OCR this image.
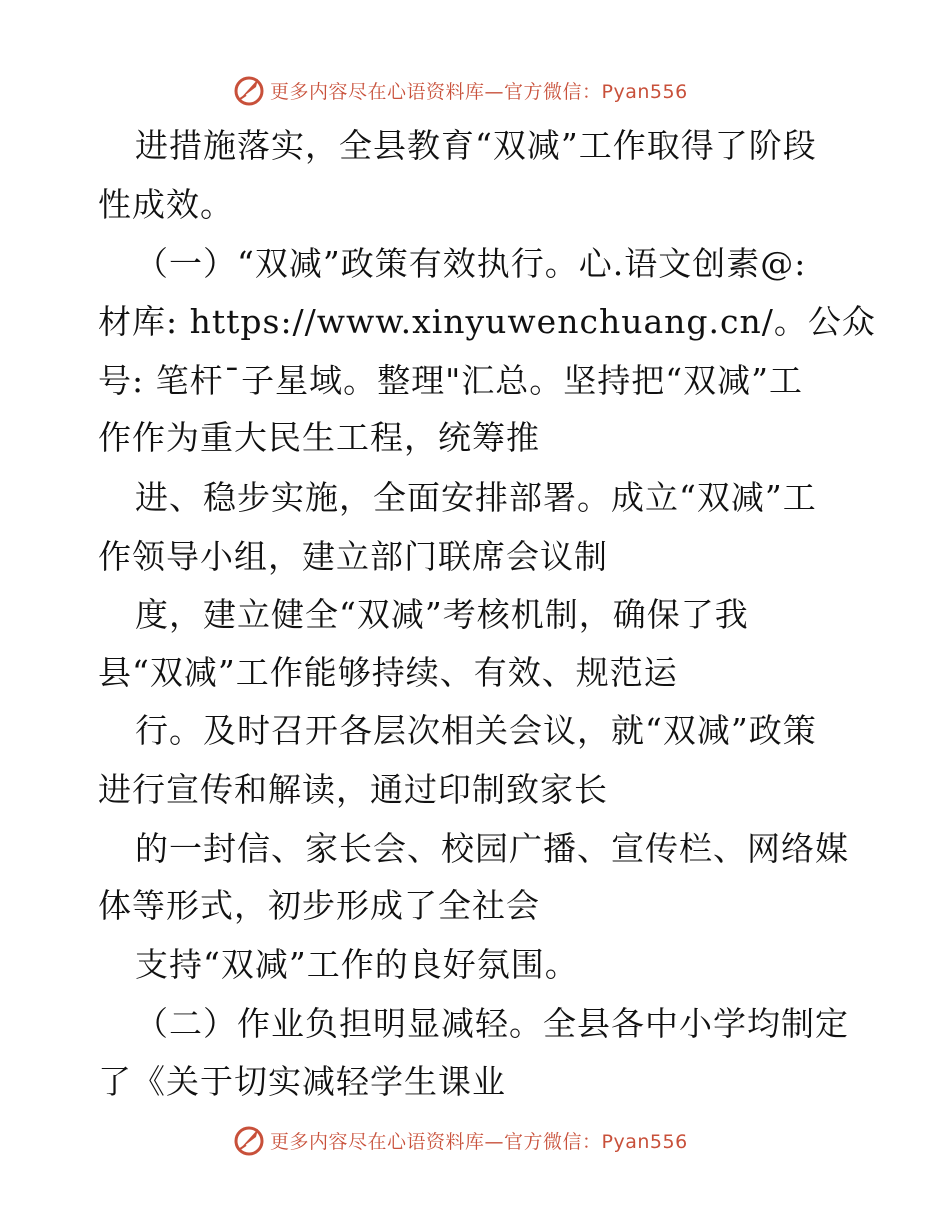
更多内容尽在心语资料库—官方微信：Pyan556
进措施落实，全县教育“双减”工作取得了阶段
性成效。
（一）“双减”政策有效执行。心.语文创素@:
材库: https://www.xinyuwenchuang.cn/。公众
号: 笔杆¯子星域。整理"汇总。坚持把“双减”工
作作为重大民生工程，统筹推
进、稳步实施，全面安排部署。成立“双减”工
作领导小组，建立部门联席会议制
度，建立健全“双减”考核机制，确保了我
县“双减”工作能够持续、有效、规范运
行。及时召开各层次相关会议，就“双减”政策
进行宣传和解读，通过印制致家长
的一封信、家长会、校园广播、宣传栏、网络媒
体等形式，初步形成了全社会
支持“双减”工作的良好氛围。
（二）作业负担明显减轻。全县各中小学均制定
了《关于切实减轻学生课业
更多内容尽在心语资料库—官方微信：Pyan556
